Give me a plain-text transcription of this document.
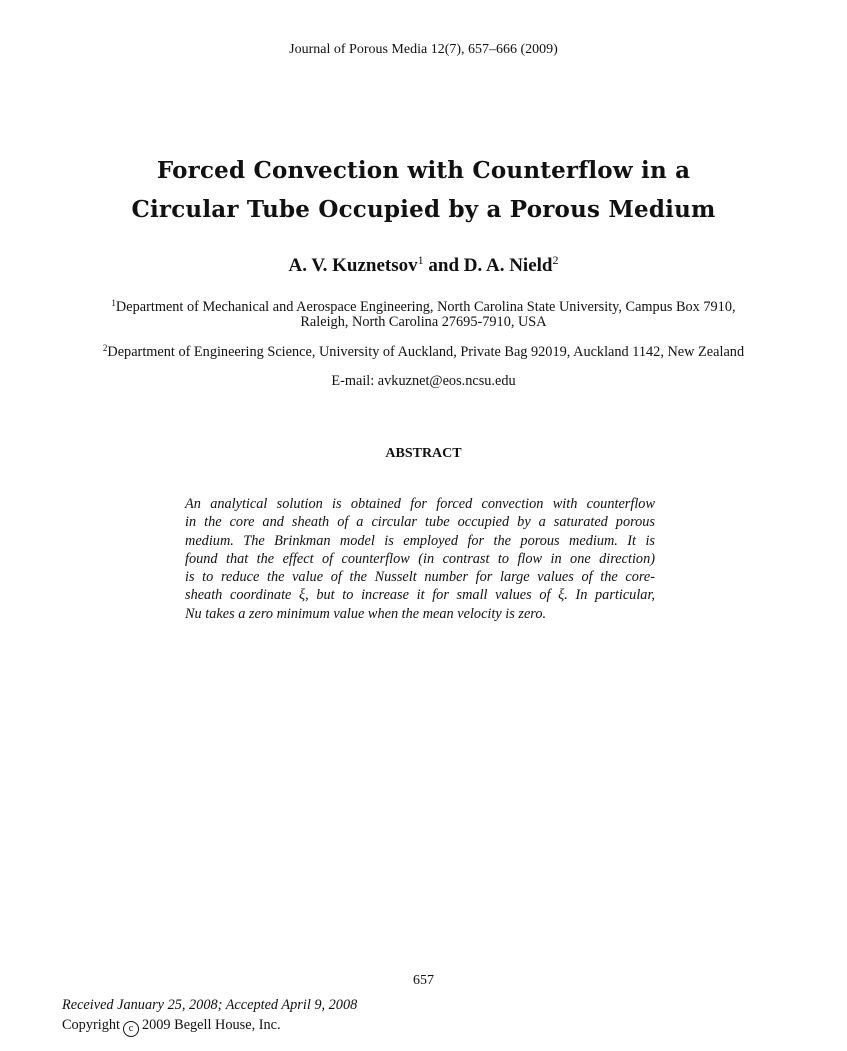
Journal of Porous Media 12(7), 657–666 (2009)
Forced Convection with Counterflow in a
Circular Tube Occupied by a Porous Medium
A. V. Kuznetsov$^1$ and D. A. Nield$^2$
$^1$Department of Mechanical and Aerospace Engineering, North Carolina State University, Campus Box 7910,
Raleigh, North Carolina 27695-7910, USA
$^2$Department of Engineering Science, University of Auckland, Private Bag 92019, Auckland 1142, New Zealand
E-mail: avkuznet@eos.ncsu.edu
ABSTRACT
An analytical solution is obtained for forced convection with counterflow
in the core and sheath of a circular tube occupied by a saturated porous
medium. The Brinkman model is employed for the porous medium. It is
found that the effect of counterflow (in contrast to flow in one direction)
is to reduce the value of the Nusselt number for large values of the core-
sheath coordinate ξ, but to increase it for small values of ξ. In particular,
Nu takes a zero minimum value when the mean velocity is zero.
657
Received January 25, 2008; Accepted April 9, 2008
Copyright c 2009 Begell House, Inc.
